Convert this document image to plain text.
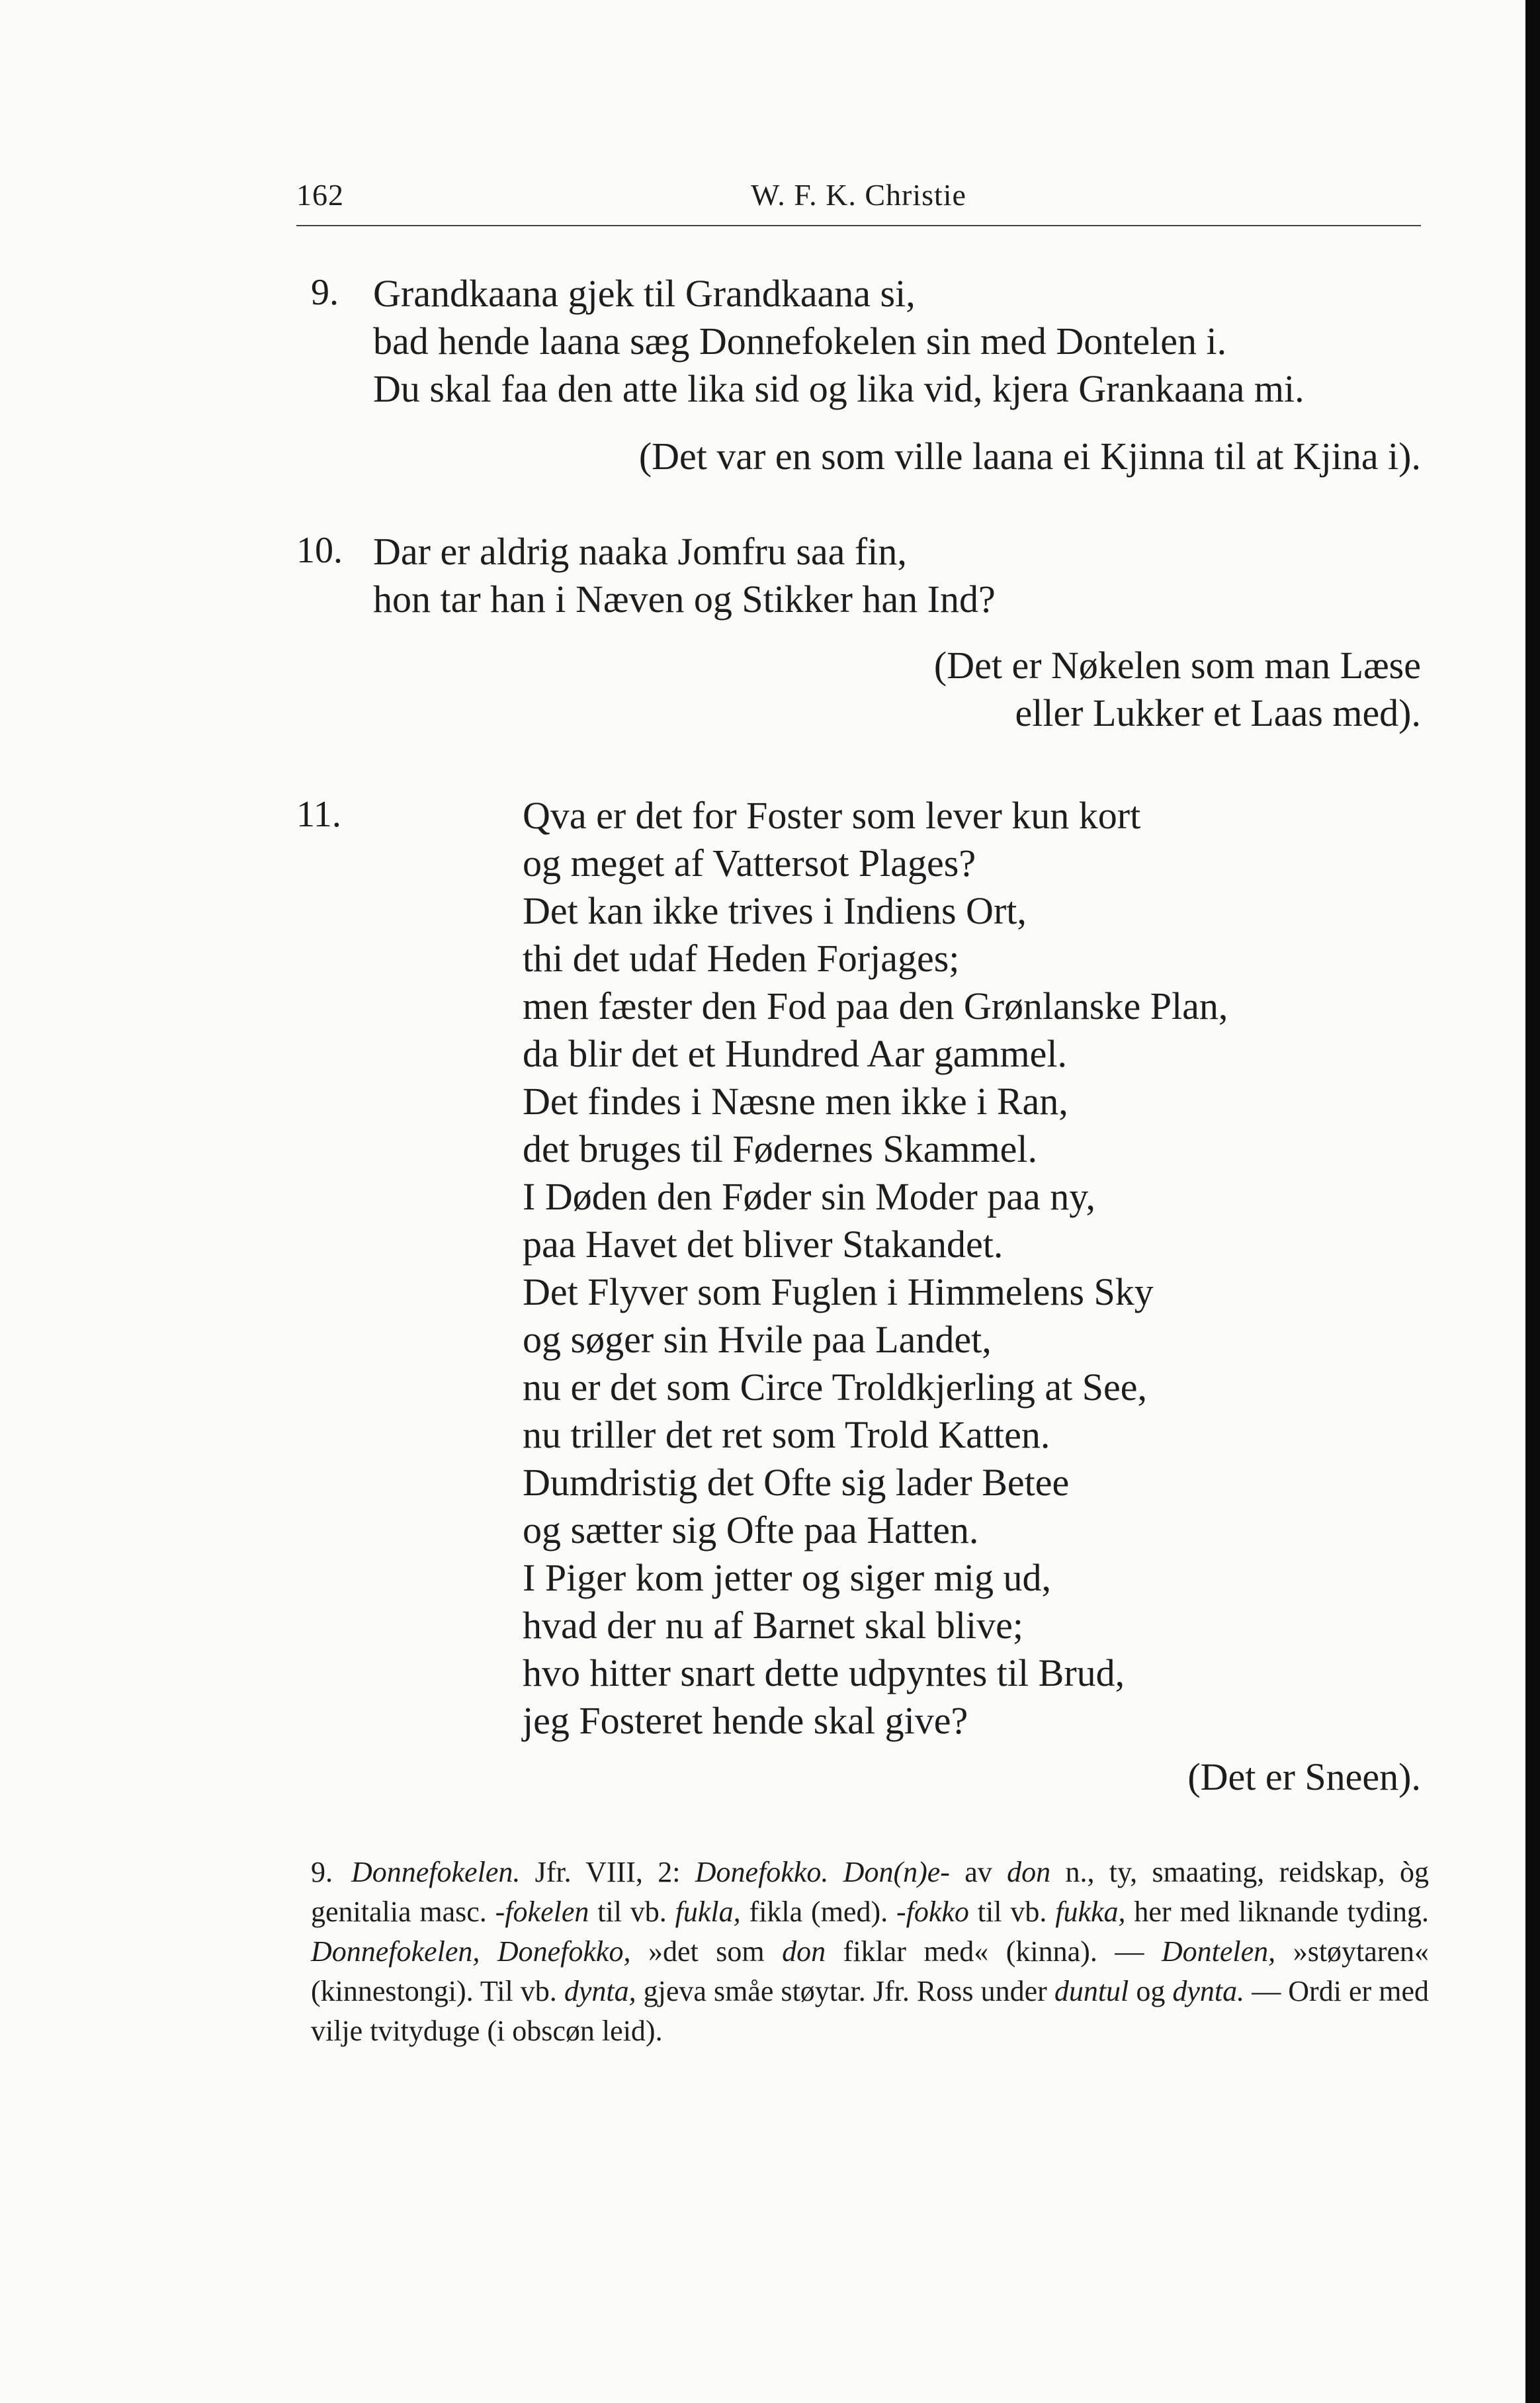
162	W. F. K. Christie
9. Grandkaana gjek til Grandkaana si,
bad hende laana sæg Donnefokelen sin med Dontelen i.
Du skal faa den atte lika sid og lika vid, kjera Grankaana mi.
(Det var en som ville laana ei Kjinna til at Kjina i).
10. Dar er aldrig naaka Jomfru saa fin,
hon tar han i Næven og Stikker han Ind?
(Det er Nøkelen som man Læse
eller Lukker et Laas med).
11.	Qva er det for Foster som lever kun kort
og meget af Vattersot Plages?
Det kan ikke trives i Indiens Ort,
thi det udaf Heden Forjages;
men fæster den Fod paa den Grønlanske Plan,
da blir det et Hundred Aar gammel.
Det findes i Næsne men ikke i Ran,
det bruges til Fødernes Skammel.
I Døden den Føder sin Moder paa ny,
paa Havet det bliver Stakandet.
Det Flyver som Fuglen i Himmelens Sky
og søger sin Hvile paa Landet,
nu er det som Circe Troldkjerling at See,
nu triller det ret som Trold Katten.
Dumdristig det Ofte sig lader Betee
og sætter sig Ofte paa Hatten.
I Piger kom jetter og siger mig ud,
hvad der nu af Barnet skal blive;
hvo hitter snart dette udpyntes til Brud,
jeg Fosteret hende skal give?
(Det er Sneen).
9. Donnefokelen. Jfr. VIII, 2: Donefokko. Don(n)e- av don n., ty, smaating, reidskap, òg genitalia masc. -fokelen til vb. fukla, fikla (med). -fokko til vb. fukka, her med liknande tyding. Donnefokelen, Donefokko, »det som don fiklar med« (kinna). — Dontelen, »støytaren« (kinnestongi). Til vb. dynta, gjeva småe støytar. Jfr. Ross under duntul og dynta. — Ordi er med vilje tvityduge (i obscøn leid).
